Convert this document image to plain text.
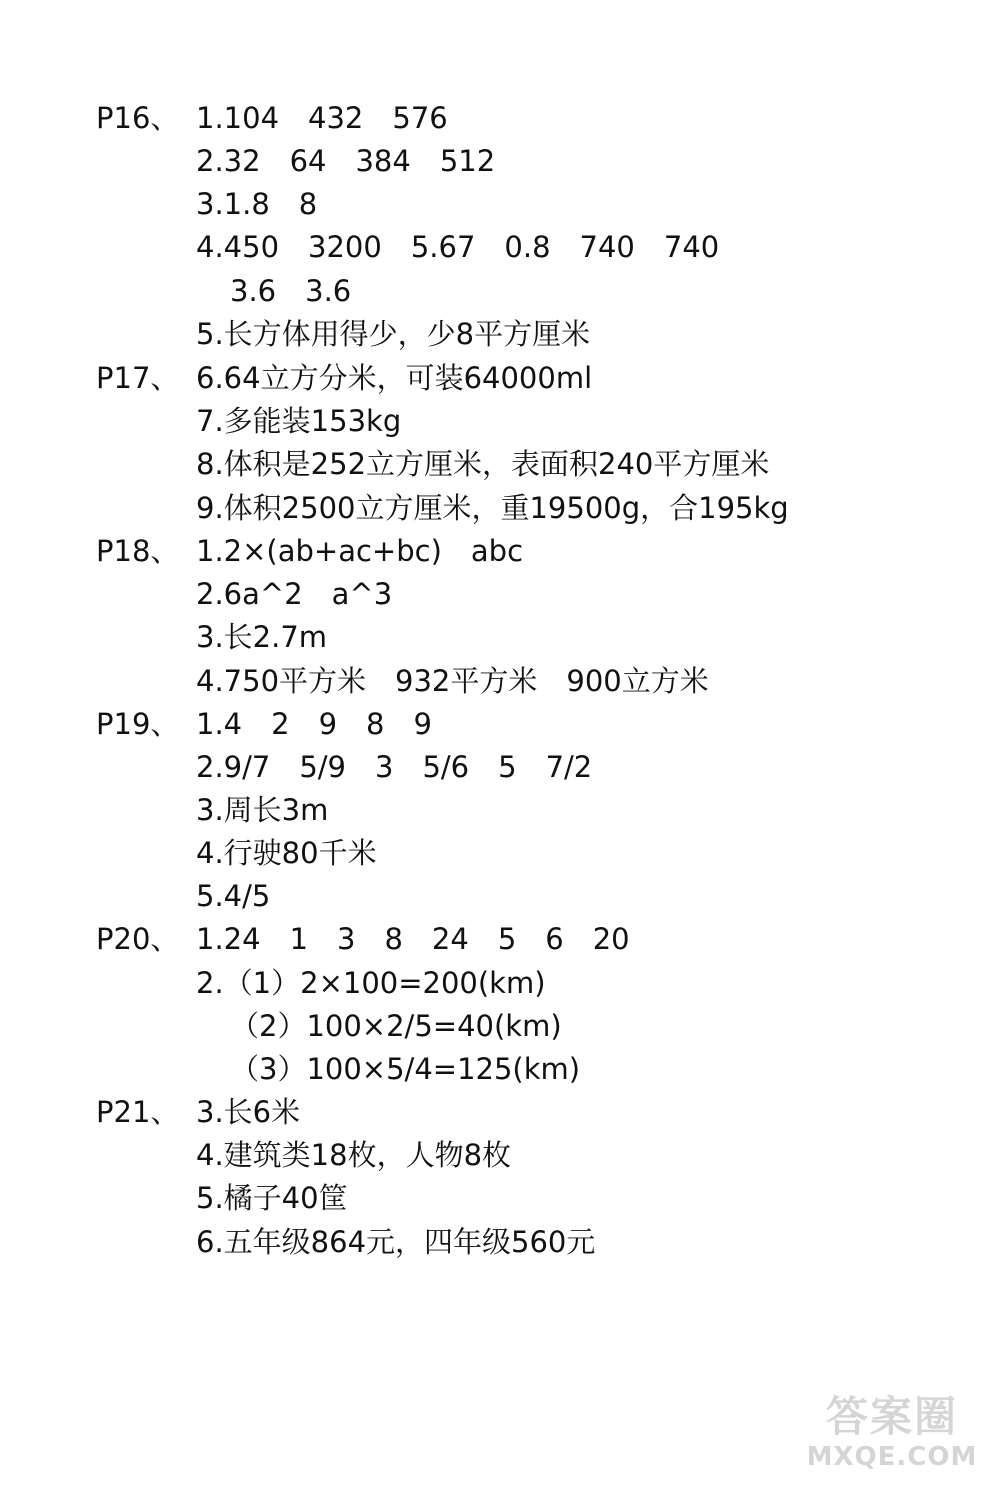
P16、

1.104　432　576

2.32　64　384　512

3.1.8　8

4.450　3200　5.67　0.8　740　740

3.6　3.6

5.长方体用得少，少8平方厘米

P17、

6.64立方分米，可装64000ml

7.多能装153kg

8.体积是252立方厘米，表面积240平方厘米

9.体积2500立方厘米，重19500g，合195kg

P18、

1.2×(ab+ac+bc)　abc

2.6a^2　a^3

3.长2.7m

4.750平方米　932平方米　900立方米

P19、

1.4　2　9　8　9

2.9/7　5/9　3　5/6　5　7/2

3.周长3m

4.行驶80千米

5.4/5

P20、

1.24　1　3　8　24　5　6　20

2.（1）2×100=200(km)

（2）100×2/5=40(km)

（3）100×5/4=125(km)

P21、

3.长6米

4.建筑类18枚，人物8枚

5.橘子40筐

6.五年级864元，四年级560元

答案圈
MXQE.COM
